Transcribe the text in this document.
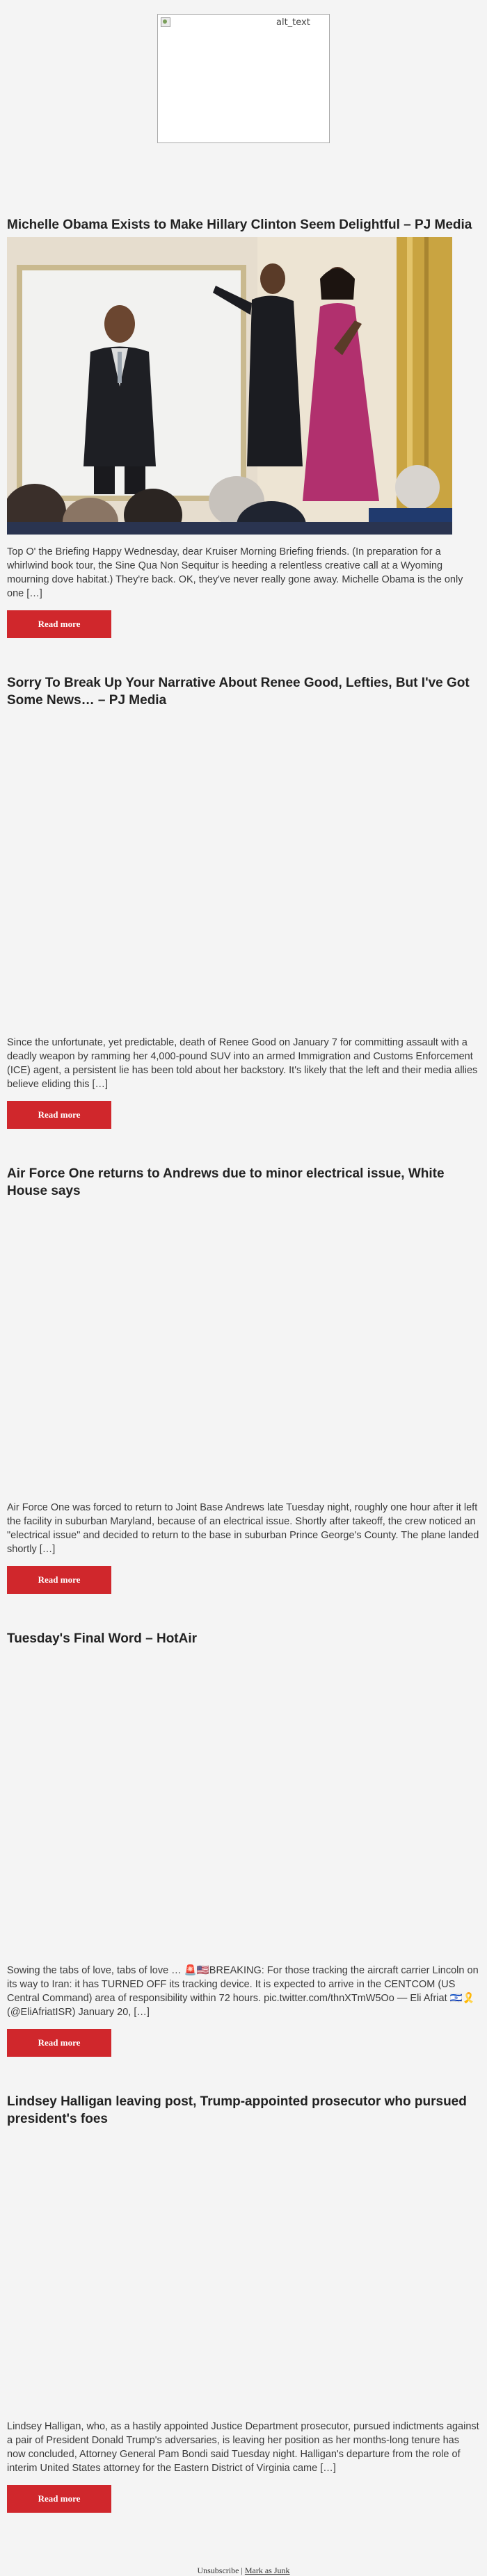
alt_text
Michelle Obama Exists to Make Hillary Clinton Seem Delightful – PJ Media

Top O' the Briefing Happy Wednesday, dear Kruiser Morning Briefing friends. (In preparation for a whirlwind book tour, the Sine Qua Non Sequitur is heeding a relentless creative call at a Wyoming mourning dove habitat.) They're back. OK, they've never really gone away. Michelle Obama is the only one […]

Read more
Sorry To Break Up Your Narrative About Renee Good, Lefties, But I've Got Some News… – PJ Media

Since the unfortunate, yet predictable, death of Renee Good on January 7 for committing assault with a deadly weapon by ramming her 4,000-pound SUV into an armed Immigration and Customs Enforcement (ICE) agent, a persistent lie has been told about her backstory. It's likely that the left and their media allies believe eliding this […]

Read more
Air Force One returns to Andrews due to minor electrical issue, White House says

Air Force One was forced to return to Joint Base Andrews late Tuesday night, roughly one hour after it left the facility in suburban Maryland, because of an electrical issue. Shortly after takeoff, the crew noticed an "electrical issue" and decided to return to the base in suburban Prince George's County. The plane landed shortly […]

Read more
Tuesday's Final Word – HotAir

Sowing the tabs of love, tabs of love … 🚨🇺🇸BREAKING: For those tracking the aircraft carrier Lincoln on its way to Iran: it has TURNED OFF its tracking device. It is expected to arrive in the CENTCOM (US Central Command) area of responsibility within 72 hours. pic.twitter.com/thnXTmW5Oo — Eli Afriat 🇮🇱🎗️ (@EliAfriatISR) January 20, […]

Read more
Lindsey Halligan leaving post, Trump-appointed prosecutor who pursued president's foes

Lindsey Halligan, who, as a hastily appointed Justice Department prosecutor, pursued indictments against a pair of President Donald Trump's adversaries, is leaving her position as her months-long tenure has now concluded, Attorney General Pam Bondi said Tuesday night. Halligan's departure from the role of interim United States attorney for the Eastern District of Virginia came […]

Read more
Unsubscribe | Mark as Junk
